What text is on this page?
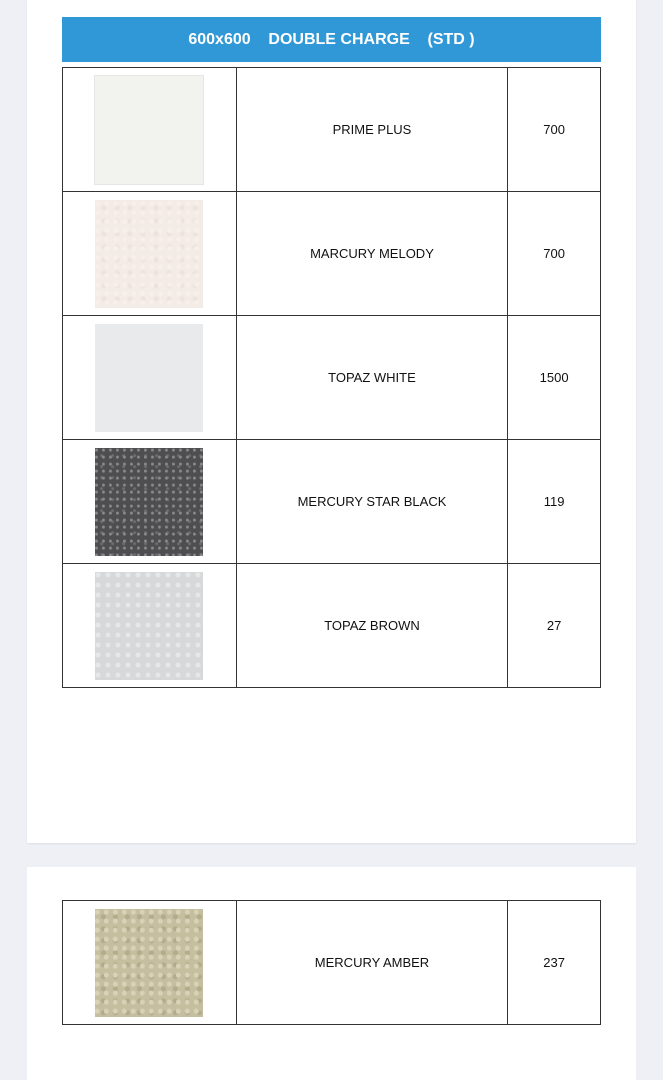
600x600    DOUBLE CHARGE    (STD )
	PRIME PLUS	700

	MARCURY MELODY	700

	TOPAZ WHITE	1500

	MERCURY STAR BLACK	119

	TOPAZ BROWN	27
	MERCURY AMBER	237
